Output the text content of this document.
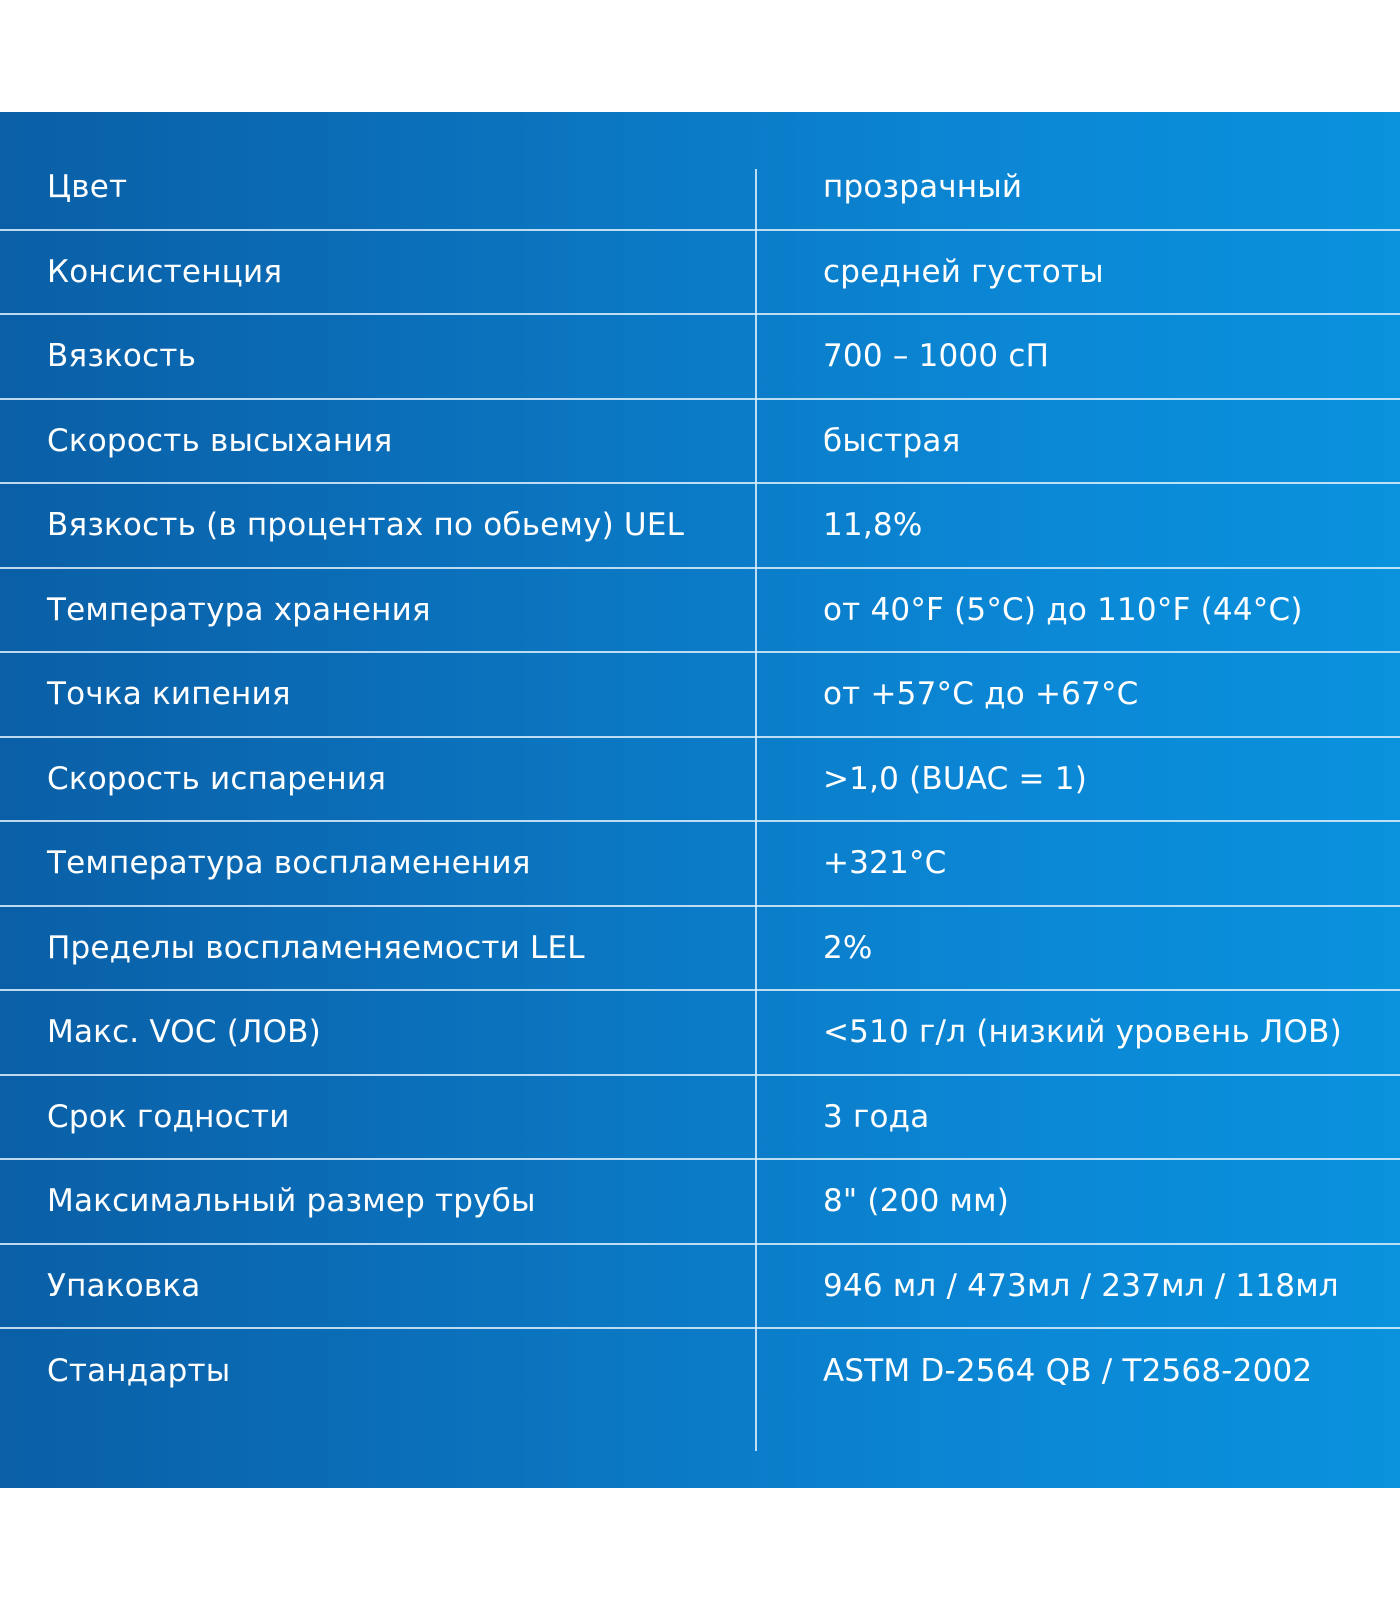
Цвет	прозрачный
Консистенция	средней густоты
Вязкость	700 – 1000 сП
Скорость высыхания	быстрая
Вязкость (в процентах по обьему) UEL	11,8%
Температура хранения	от 40°F (5°C) до 110°F (44°C)
Точка кипения	от +57°C до +67°C
Скорость испарения	>1,0 (BUAC = 1)
Температура воспламенения	+321°C
Пределы воспламеняемости LEL	2%
Макс. VOC (ЛОВ)	<510 г/л (низкий уровень ЛОВ)
Срок годности	3 года
Максимальный размер трубы	8" (200 мм)
Упаковка	946 мл / 473мл / 237мл / 118мл
Стандарты	ASTM D-2564 QB / T2568-2002
